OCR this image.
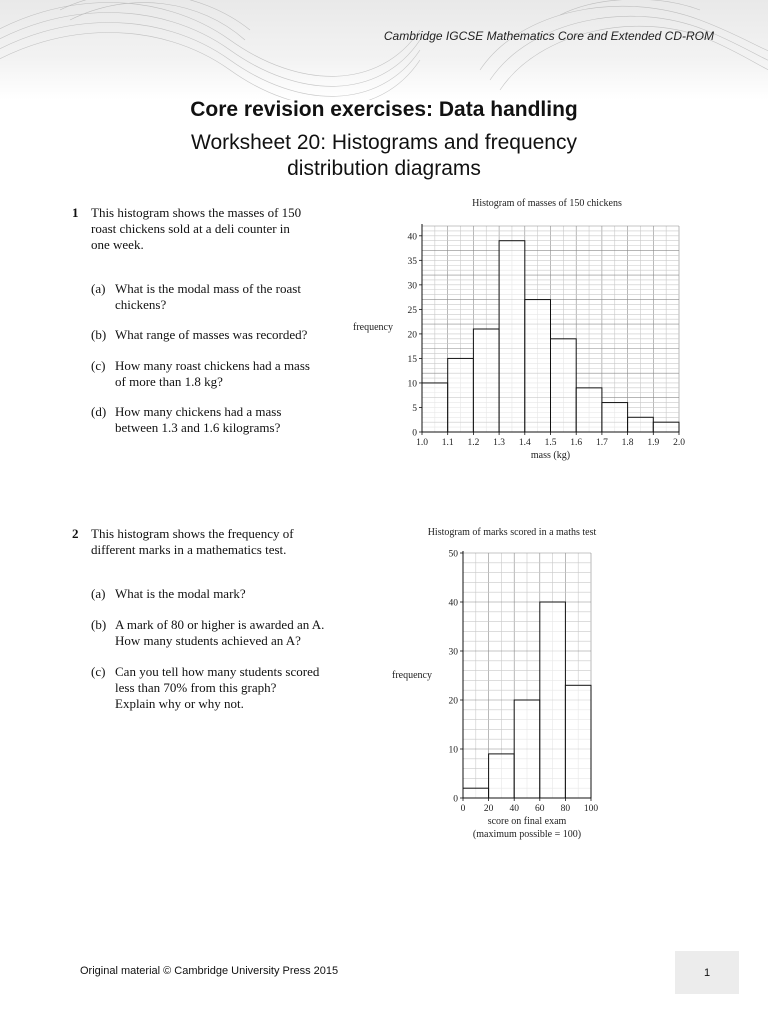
Cambridge IGCSE Mathematics Core and Extended CD-ROM
Core revision exercises: Data handling
Worksheet 20: Histograms and frequency
distribution diagrams
1 This histogram shows the masses of 150
roast chickens sold at a deli counter in
one week.
(a) What is the modal mass of the roast
chickens?
(b) What range of masses was recorded?
(c) How many roast chickens had a mass
of more than 1.8 kg?
(d) How many chickens had a mass
between 1.3 and 1.6 kilograms?
2 This histogram shows the frequency of
different marks in a mathematics test.
(a) What is the modal mark?
(b) A mark of 80 or higher is awarded an A.
How many students achieved an A?
(c) Can you tell how many students scored
less than 70% from this graph?
Explain why or why not.
1.0 1.1 1.2 1.3 1.4 1.5 1.6 1.7 1.8 1.9 2.0
0
5
10
15
20
25
30
35
40
Histogram of masses of 150 chickens
frequency
mass (kg)
0 20 40 60 80 100
0
10
20
30
40
50
Histogram of marks scored in a maths test
frequency
score on final exam
(maximum possible = 100)
Original material © Cambridge University Press 2015	1
